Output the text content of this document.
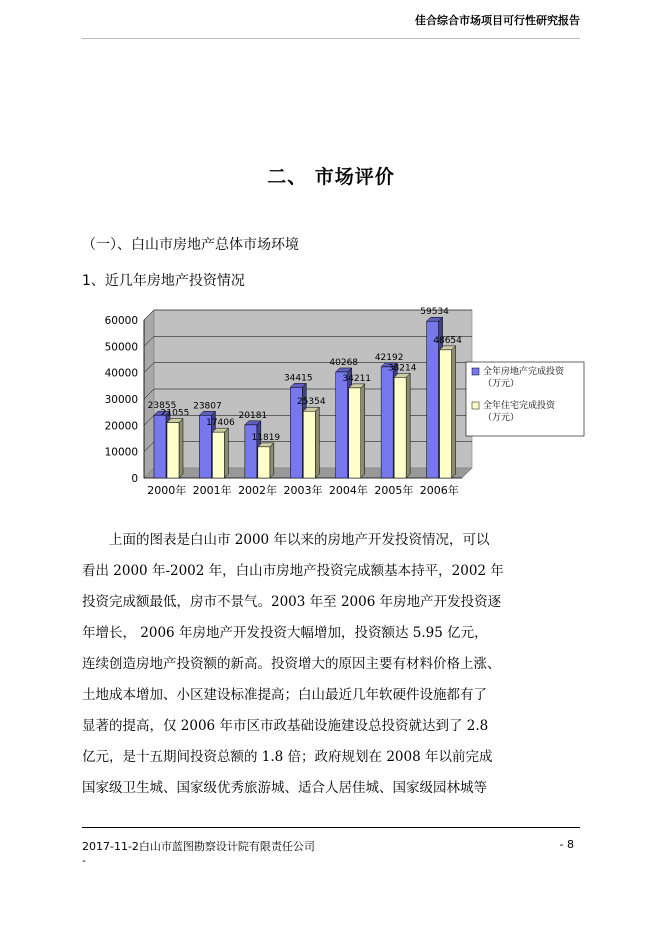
佳合综合市场项目可行性研究报告
二、 市场评价
（一）、白山市房地产总体市场环境
1、近几年房地产投资情况
0
10000
20000
30000
40000
50000
60000
23855
21055
2000年
23807
17406
2001年
20181
11819
2002年
34415
25354
2003年
40268
34211
2004年
42192
38214
2005年
59534
48654
2006年
全年房地产完成投资
（万元）
全年住宅完成投资
（万元）
上面的图表是白山市 2000 年以来的房地产开发投资情况，可以
看出 2000 年-2002 年，白山市房地产投资完成额基本持平，2002 年
投资完成额最低，房市不景气。2003 年至 2006 年房地产开发投资逐
年增长， 2006 年房地产开发投资大幅增加，投资额达 5.95 亿元，
连续创造房地产投资额的新高。投资增大的原因主要有材料价格上涨、
土地成本增加、小区建设标准提高；白山最近几年软硬件设施都有了
显著的提高，仅 2006 年市区市政基础设施建设总投资就达到了 2.8
亿元，是十五期间投资总额的 1.8 倍；政府规划在 2008 年以前完成
国家级卫生城、国家级优秀旅游城、适合人居佳城、国家级园林城等
2017-11-2白山市蓝图勘察设计院有限责任公司	- 8
-
